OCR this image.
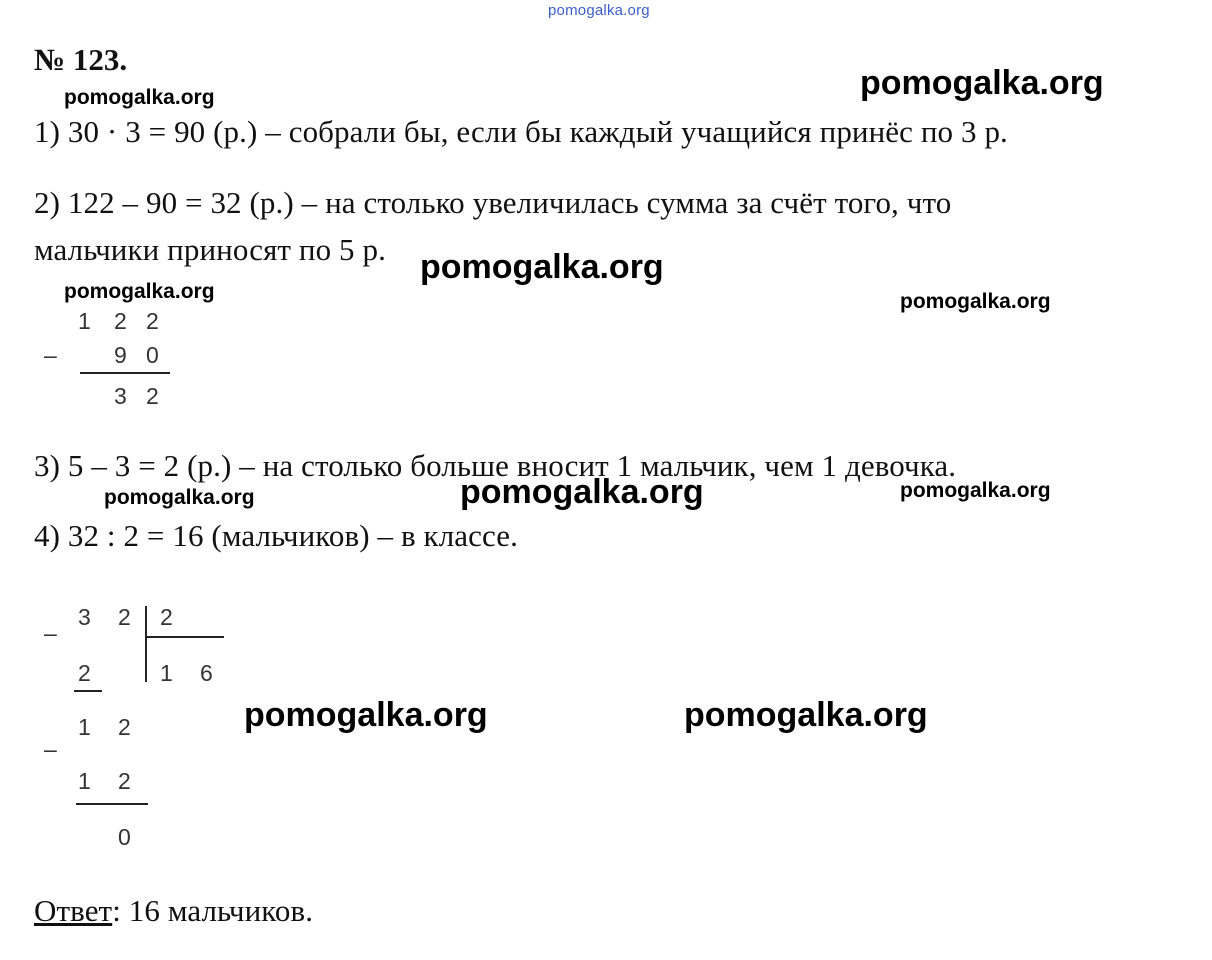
pomogalka.org
№ 123.
1) 30 · 3 = 90 (р.) – собрали бы, если бы каждый учащийся принёс по 3 р.
2) 122 – 90 = 32 (р.) – на столько увеличилась сумма за счёт того, что
мальчики приносят по 5 р.
3) 5 – 3 = 2 (р.) – на столько больше вносит 1 мальчик, чем 1 девочка.
4) 32 : 2 = 16 (мальчиков) – в классе.
1 2 2
– 9 0
3 2
–
3 2 2
1 6
2
1 2
–
1 2
0
Ответ: 16 мальчиков.
pomogalka.org
pomogalka.org
pomogalka.org
pomogalka.org	pomogalka.org
pomogalka.org
pomogalka.org	pomogalka.org
pomogalka.org	pomogalka.org
